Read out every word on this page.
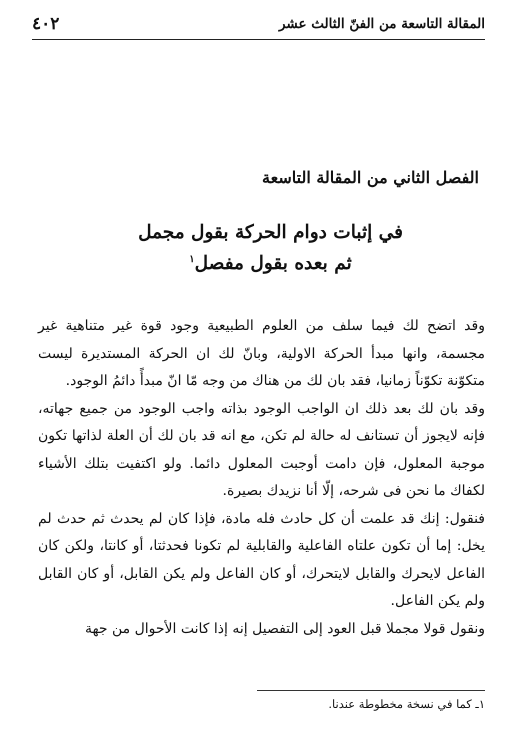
المقالة التاسعة من الفنّ الثالث عشر
٤٠٢
الفصل الثاني من المقالة التاسعة
في إثبات دوام الحركة بقول مجمل
ثم بعده بقول مفصل$^١$

وقد اتضح لك فيما سلف من العلوم الطبيعية وجود قوة غير متناهية غير مجسمة، وانها مبدأ الحركة الاولية، وبانّ لك ان الحركة المستديرة ليست متكوّنة تكوّناً زمانيا، فقد بان لك من هناك من وجه مّا انّ مبدأً دائمُ الوجود.

وقد بان لك بعد ذلك ان الواجب الوجود بذاته واجب الوجود من جميع جهاته، فإنه لايجوز أن تستانف له حالة لم تكن، مع انه قد بان لك أن العلة لذاتها تكون موجبة المعلول، فإن دامت أوجبت المعلول دائما. ولو اكتفيت بتلك الأشياء لكفاك ما نحن فى شرحه، إلّا أنا نزيدك بصيرة.

فنقول: إنك قد علمت أن كل حادث فله مادة، فإذا كان لم يحدث ثم حدث لم يخل: إما أن تكون علتاه الفاعلية والقابلية لم تكونا فحدثتا، أو كانتا، ولكن كان الفاعل لايحرك والقابل لايتحرك، أو كان الفاعل ولم يكن القابل، أو كان القابل ولم يكن الفاعل.

ونقول قولا مجملا قبل العود إلى التفصيل إنه إذا كانت الأحوال من جهة

١ـ كما في نسخة مخطوطة عندنا.
